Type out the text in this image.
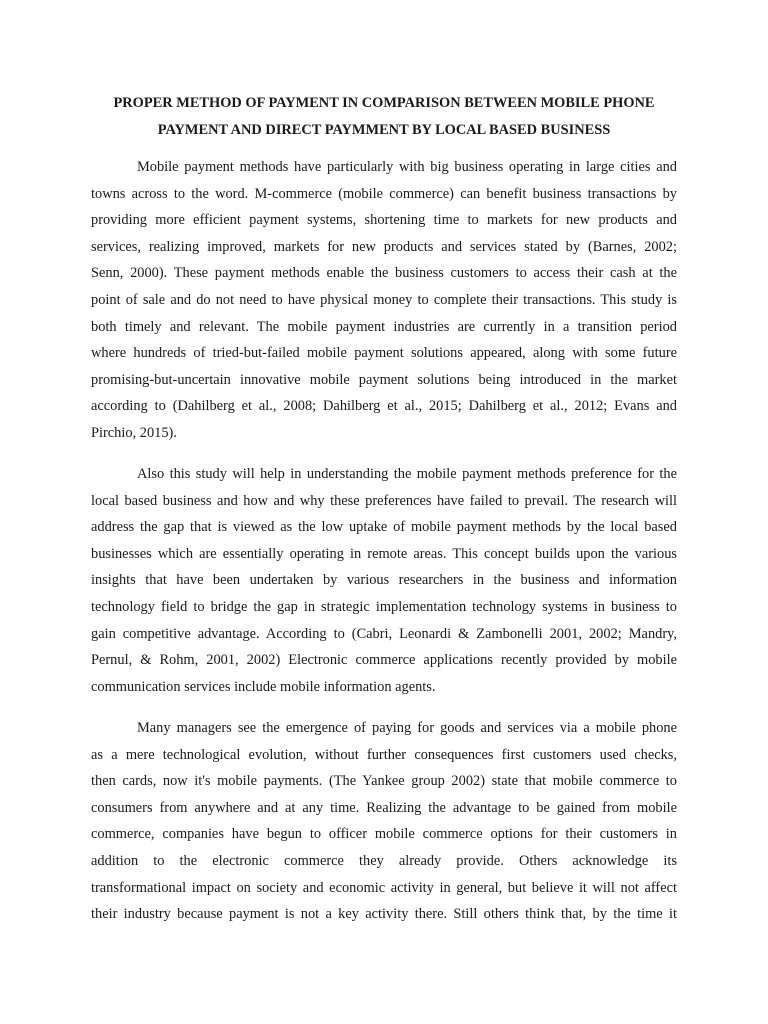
PROPER METHOD OF PAYMENT IN COMPARISON BETWEEN MOBILE PHONE
PAYMENT AND DIRECT PAYMMENT BY LOCAL BASED BUSINESS
Mobile payment methods have particularly with big business operating in large cities and
towns across to the word. M-commerce (mobile commerce) can benefit business transactions by
providing more efficient payment systems, shortening time to markets for new products and
services, realizing improved, markets for new products and services stated by (Barnes, 2002;
Senn, 2000). These payment methods enable the business customers to access their cash at the
point of sale and do not need to have physical money to complete their transactions. This study is
both timely and relevant. The mobile payment industries are currently in a transition period
where hundreds of tried-but-failed mobile payment solutions appeared, along with some future
promising-but-uncertain innovative mobile payment solutions being introduced in the market
according to (Dahilberg et al., 2008; Dahilberg et al., 2015; Dahilberg et al., 2012; Evans and
Pirchio, 2015).
Also this study will help in understanding the mobile payment methods preference for the
local based business and how and why these preferences have failed to prevail. The research will
address the gap that is viewed as the low uptake of mobile payment methods by the local based
businesses which are essentially operating in remote areas. This concept builds upon the various
insights that have been undertaken by various researchers in the business and information
technology field to bridge the gap in strategic implementation technology systems in business to
gain competitive advantage. According to (Cabri, Leonardi & Zambonelli 2001, 2002; Mandry,
Pernul, & Rohm, 2001, 2002) Electronic commerce applications recently provided by mobile
communication services include mobile information agents.
Many managers see the emergence of paying for goods and services via a mobile phone
as a mere technological evolution, without further consequences first customers used checks,
then cards, now it's mobile payments. (The Yankee group 2002) state that mobile commerce to
consumers from anywhere and at any time. Realizing the advantage to be gained from mobile
commerce, companies have begun to officer mobile commerce options for their customers in
addition to the electronic commerce they already provide. Others acknowledge its
transformational impact on society and economic activity in general, but believe it will not affect
their industry because payment is not a key activity there. Still others think that, by the time it
